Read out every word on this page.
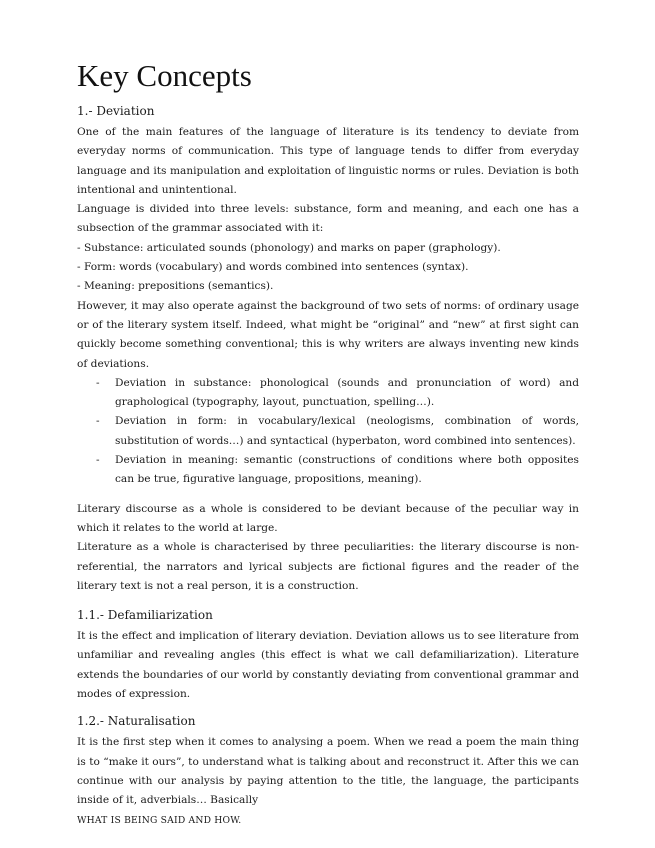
Key Concepts
1.- Deviation

One of the main features of the language of literature is its tendency to deviate from everyday norms of communication. This type of language tends to differ from everyday language and its manipulation and exploitation of linguistic norms or rules. Deviation is both intentional and unintentional.

Language is divided into three levels: substance, form and meaning, and each one has a subsection of the grammar associated with it:

- Substance: articulated sounds (phonology) and marks on paper (graphology).
- Form: words (vocabulary) and words combined into sentences (syntax).
- Meaning: prepositions (semantics).

However, it may also operate against the background of two sets of norms: of ordinary usage or of the literary system itself. Indeed, what might be “original” and “new” at first sight can quickly become something conventional; this is why writers are always inventing new kinds of deviations.

- Deviation in substance: phonological (sounds and pronunciation of word) and graphological (typography, layout, punctuation, spelling…).
- Deviation in form: in vocabulary/lexical (neologisms, combination of words, substitution of words…) and syntactical (hyperbaton, word combined into sentences).
- Deviation in meaning: semantic (constructions of conditions where both opposites can be true, figurative language, propositions, meaning).

Literary discourse as a whole is considered to be deviant because of the peculiar way in which it relates to the world at large.

Literature as a whole is characterised by three peculiarities: the literary discourse is non-referential, the narrators and lyrical subjects are fictional figures and the reader of the literary text is not a real person, it is a construction.

1.1.- Defamiliarization

It is the effect and implication of literary deviation. Deviation allows us to see literature from unfamiliar and revealing angles (this effect is what we call defamiliarization). Literature extends the boundaries of our world by constantly deviating from conventional grammar and modes of expression.

1.2.- Naturalisation

It is the first step when it comes to analysing a poem. When we read a poem the main thing is to “make it ours”, to understand what is talking about and reconstruct it. After this we can continue with our analysis by paying attention to the title, the language, the participants inside of it, adverbials… Basically
WHAT IS BEING SAID AND HOW.
